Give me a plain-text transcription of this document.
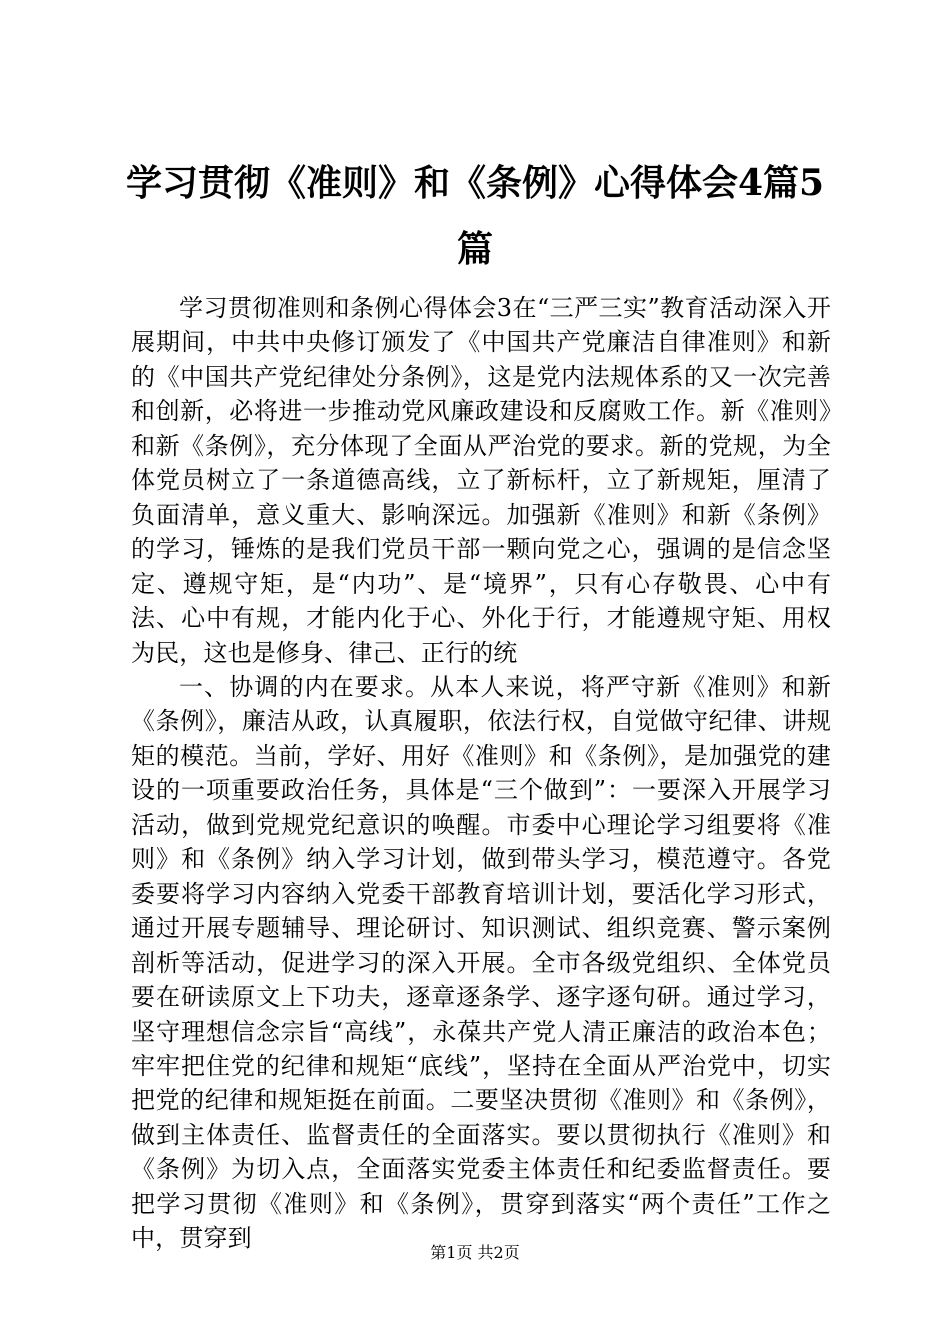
学习贯彻《准则》和《条例》心得体会4篇5篇

学习贯彻准则和条例心得体会3在“三严三实”教育活动深入开展期间，中共中央修订颁发了《中国共产党廉洁自律准则》和新的《中国共产党纪律处分条例》，这是党内法规体系的又一次完善和创新，必将进一步推动党风廉政建设和反腐败工作。新《准则》和新《条例》，充分体现了全面从严治党的要求。新的党规，为全体党员树立了一条道德高线，立了新标杆，立了新规矩，厘清了负面清单，意义重大、影响深远。加强新《准则》和新《条例》的学习，锤炼的是我们党员干部一颗向党之心，强调的是信念坚定、遵规守矩，是“内功”、是“境界”，只有心存敬畏、心中有法、心中有规，才能内化于心、外化于行，才能遵规守矩、用权为民，这也是修身、律己、正行的统

一、协调的内在要求。从本人来说，将严守新《准则》和新《条例》，廉洁从政，认真履职，依法行权，自觉做守纪律、讲规矩的模范。当前，学好、用好《准则》和《条例》，是加强党的建设的一项重要政治任务，具体是“三个做到”：一要深入开展学习活动，做到党规党纪意识的唤醒。市委中心理论学习组要将《准则》和《条例》纳入学习计划，做到带头学习，模范遵守。各党委要将学习内容纳入党委干部教育培训计划，要活化学习形式，通过开展专题辅导、理论研讨、知识测试、组织竞赛、警示案例剖析等活动，促进学习的深入开展。全市各级党组织、全体党员要在研读原文上下功夫，逐章逐条学、逐字逐句研。通过学习，坚守理想信念宗旨“高线”，永葆共产党人清正廉洁的政治本色；牢牢把住党的纪律和规矩“底线”，坚持在全面从严治党中，切实把党的纪律和规矩挺在前面。二要坚决贯彻《准则》和《条例》，做到主体责任、监督责任的全面落实。要以贯彻执行《准则》和《条例》为切入点，全面落实党委主体责任和纪委监督责任。要把学习贯彻《准则》和《条例》，贯穿到落实“两个责任”工作之中，贯穿到

第1页 共2页
